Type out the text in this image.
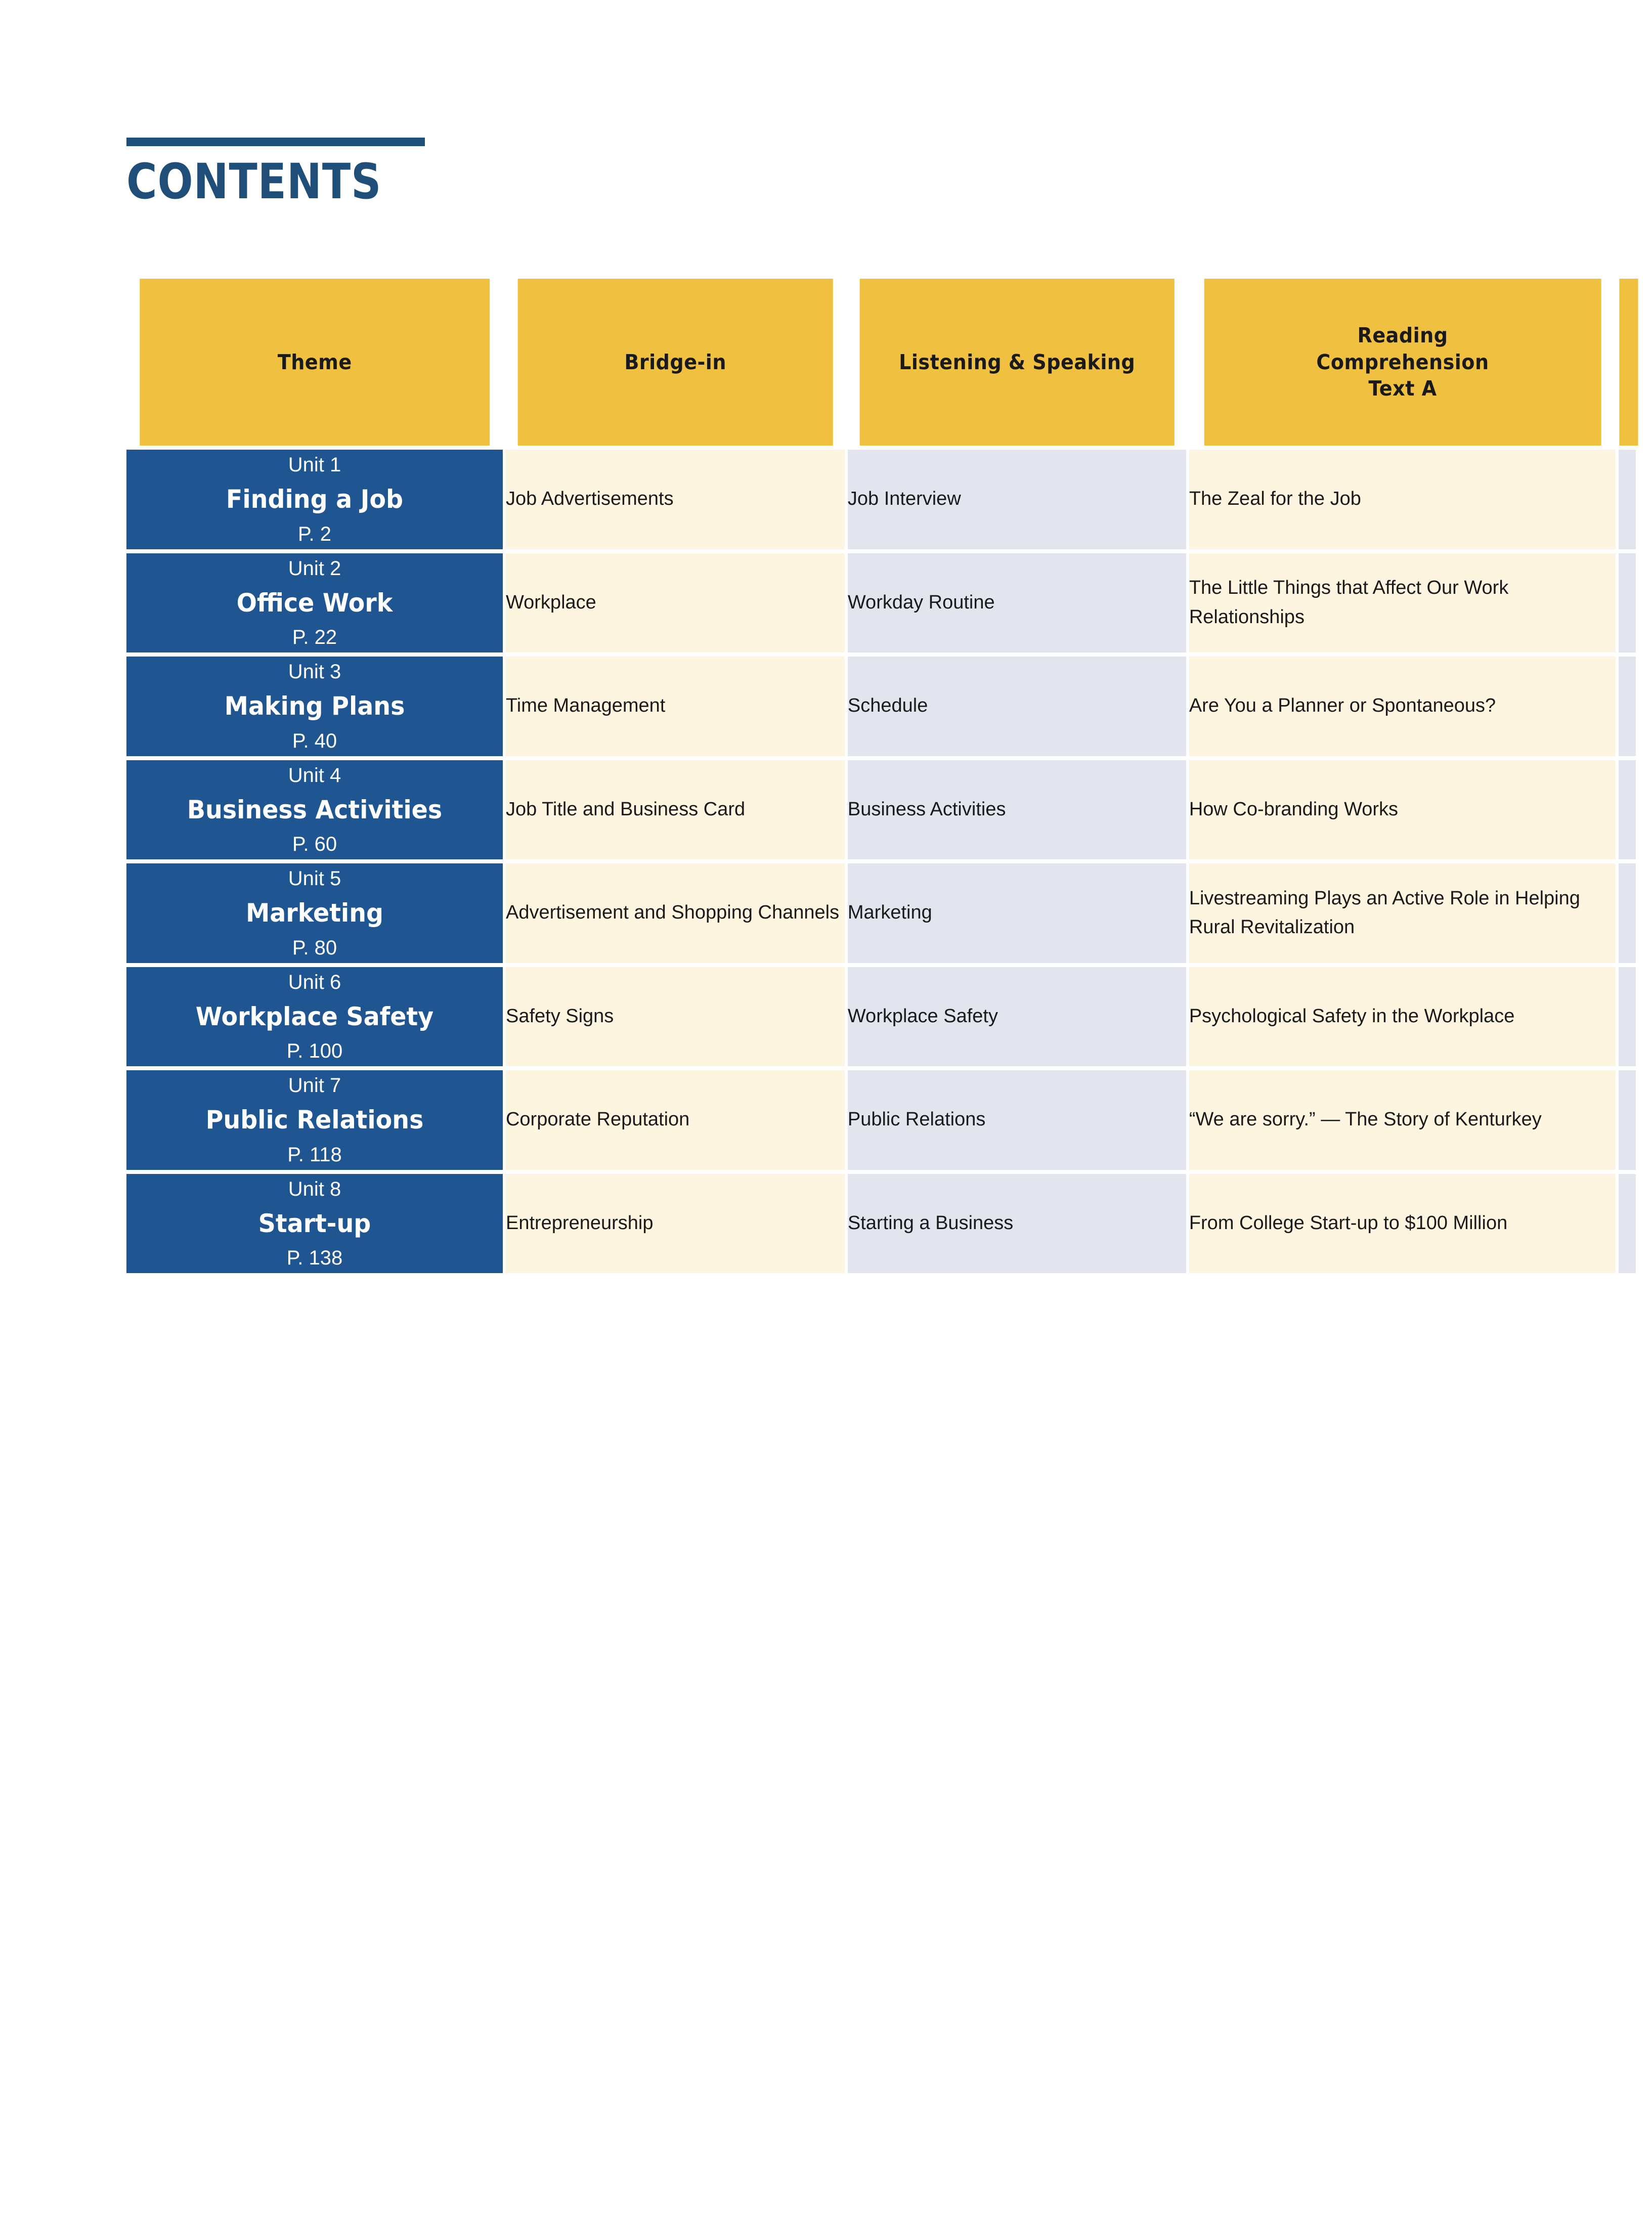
CONTENTS
Theme	Bridge-in	Listening & Speaking	Reading
Comprehension
Text A	

Unit 1
Finding a Job
P. 2	Job Advertisements	Job Interview	The Zeal for the Job	

Unit 2
Office Work
P. 22	Workplace	Workday Routine	The Little Things that Affect Our Work Relationships	

Unit 3
Making Plans
P. 40	Time Management	Schedule	Are You a Planner or Spontaneous?	

Unit 4
Business Activities
P. 60	Job Title and Business Card	Business Activities	How Co-branding Works	

Unit 5
Marketing
P. 80	Advertisement and Shopping Channels	Marketing	Livestreaming Plays an Active Role in Helping Rural Revitalization	

Unit 6
Workplace Safety
P. 100	Safety Signs	Workplace Safety	Psychological Safety in the Workplace	

Unit 7
Public Relations
P. 118	Corporate Reputation	Public Relations	“We are sorry.” — The Story of Kenturkey	

Unit 8
Start-up
P. 138	Entrepreneurship	Starting a Business	From College Start-up to $100 Million	
